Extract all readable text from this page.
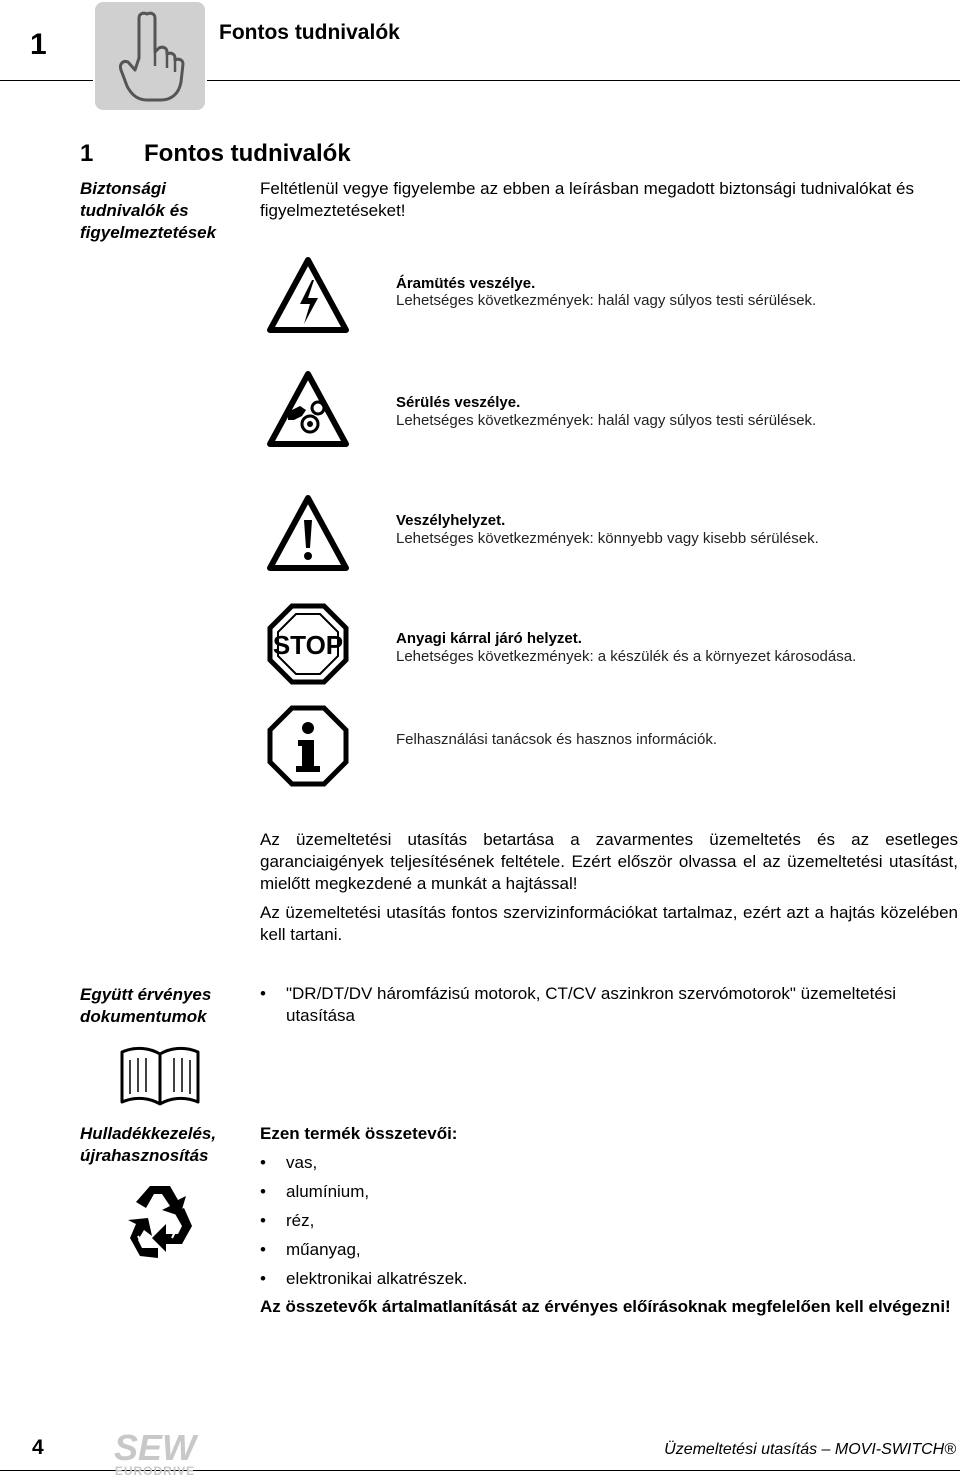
1	Fontos tudnivalók
1 Fontos tudnivalók
Biztonsági tudnivalók és figyelmeztetések
Feltétlenül vegye figyelembe az ebben a leírásban megadott biztonsági tudnivalókat és figyelmeztetéseket!
Áramütés veszélye.
Lehetséges következmények: halál vagy súlyos testi sérülések.
Sérülés veszélye.
Lehetséges következmények: halál vagy súlyos testi sérülések.
Veszélyhelyzet.
Lehetséges következmények: könnyebb vagy kisebb sérülések.
STOP	Anyagi kárral járó helyzet.
Lehetséges következmények: a készülék és a környezet károsodása.
Felhasználási tanácsok és hasznos információk.
Az üzemeltetési utasítás betartása a zavarmentes üzemeltetés és az esetleges garanciaigények teljesítésének feltétele. Ezért először olvassa el az üzemeltetési utasítást, mielőtt megkezdené a munkát a hajtással!
Az üzemeltetési utasítás fontos szervizinformációkat tartalmaz, ezért azt a hajtás közelében kell tartani.
Együtt érvényes dokumentumok
• "DR/DT/DV háromfázisú motorok, CT/CV aszinkron szervómotorok" üzemeltetési utasítása
Hulladékkezelés, újrahasznosítás
Ezen termék összetevői:
• vas,
• alumínium,
• réz,
• műanyag,
• elektronikai alkatrészek.
Az összetevők ártalmatlanítását az érvényes előírásoknak megfelelően kell elvégezni!
4 SEW
EURODRIVE
Üzemeltetési utasítás – MOVI-SWITCH®
